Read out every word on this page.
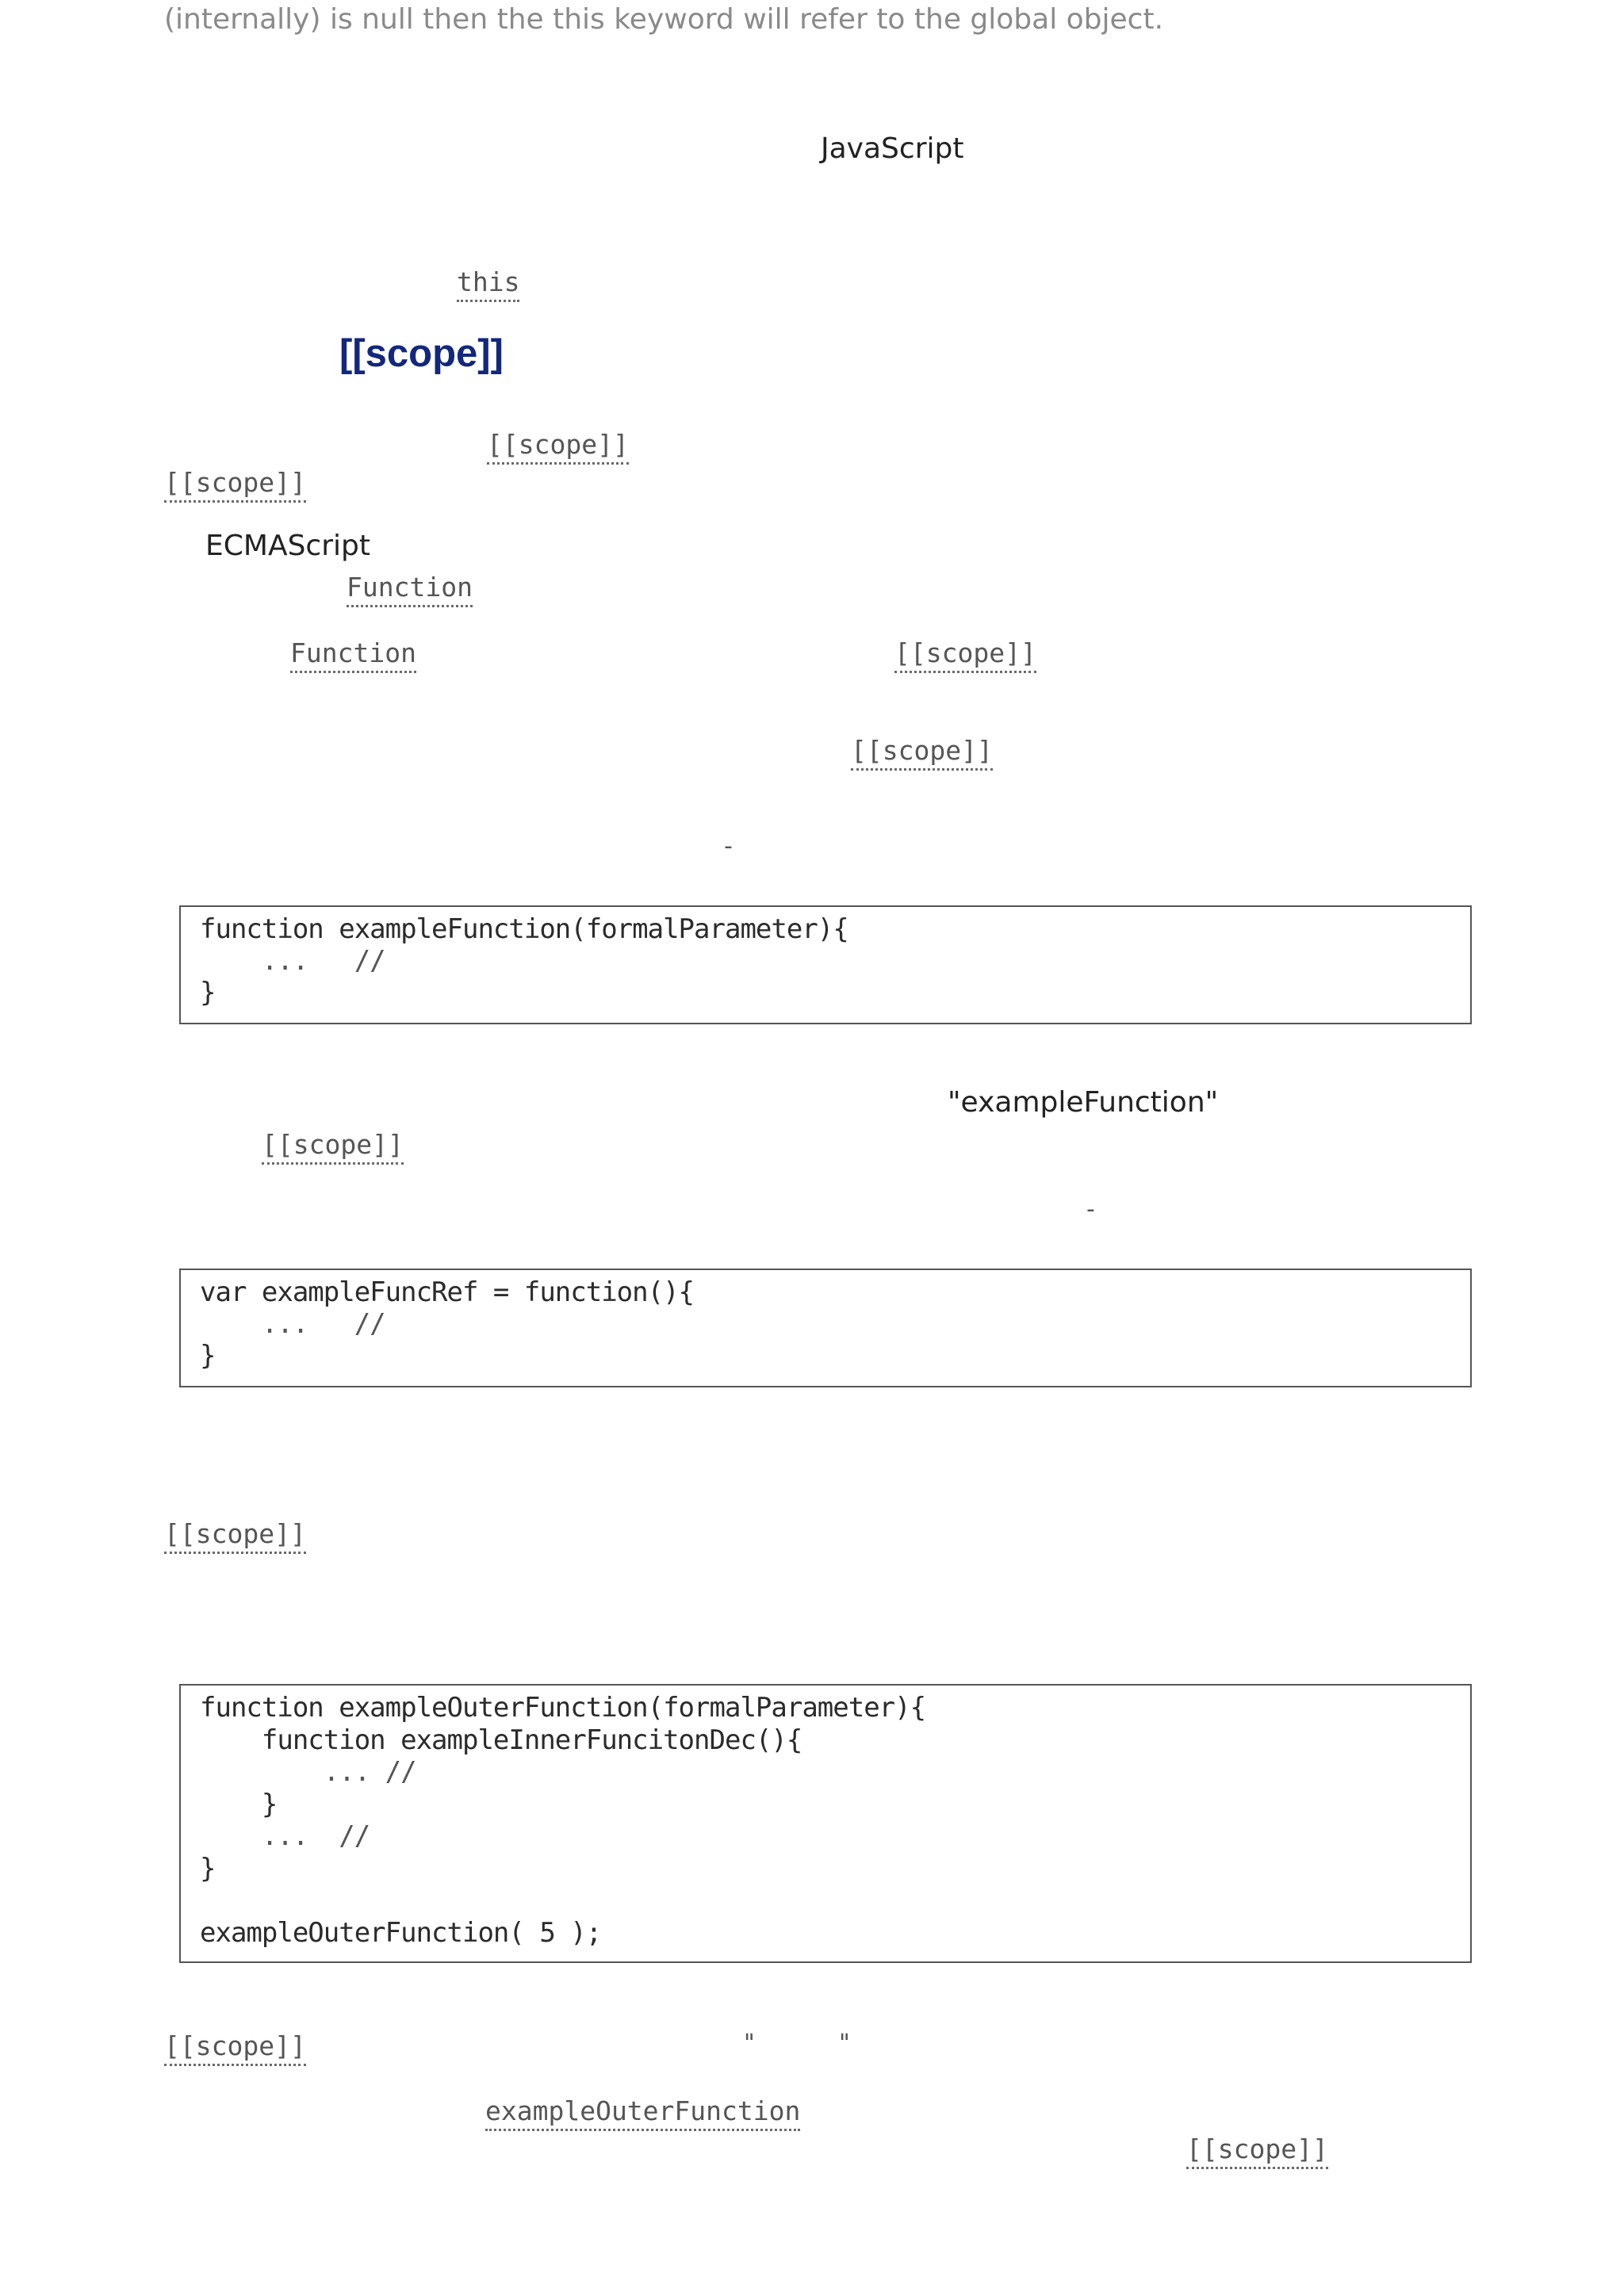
(internally) is null then the this keyword will refer to the global object.
JavaScript
this
[[scope]]
[[scope]]
[[scope]]
ECMAScript
Function
Function	[[scope]]
[[scope]]
-
function exampleFunction(formalParameter){
...   //
}
"exampleFunction"
[[scope]]
-
var exampleFuncRef = function(){
...   //
}
[[scope]]
function exampleOuterFunction(formalParameter){
function exampleInnerFuncitonDec(){
... //
}
...  //
}
exampleOuterFunction( 5 );
[[scope]]	"	"
exampleOuterFunction
[[scope]]
